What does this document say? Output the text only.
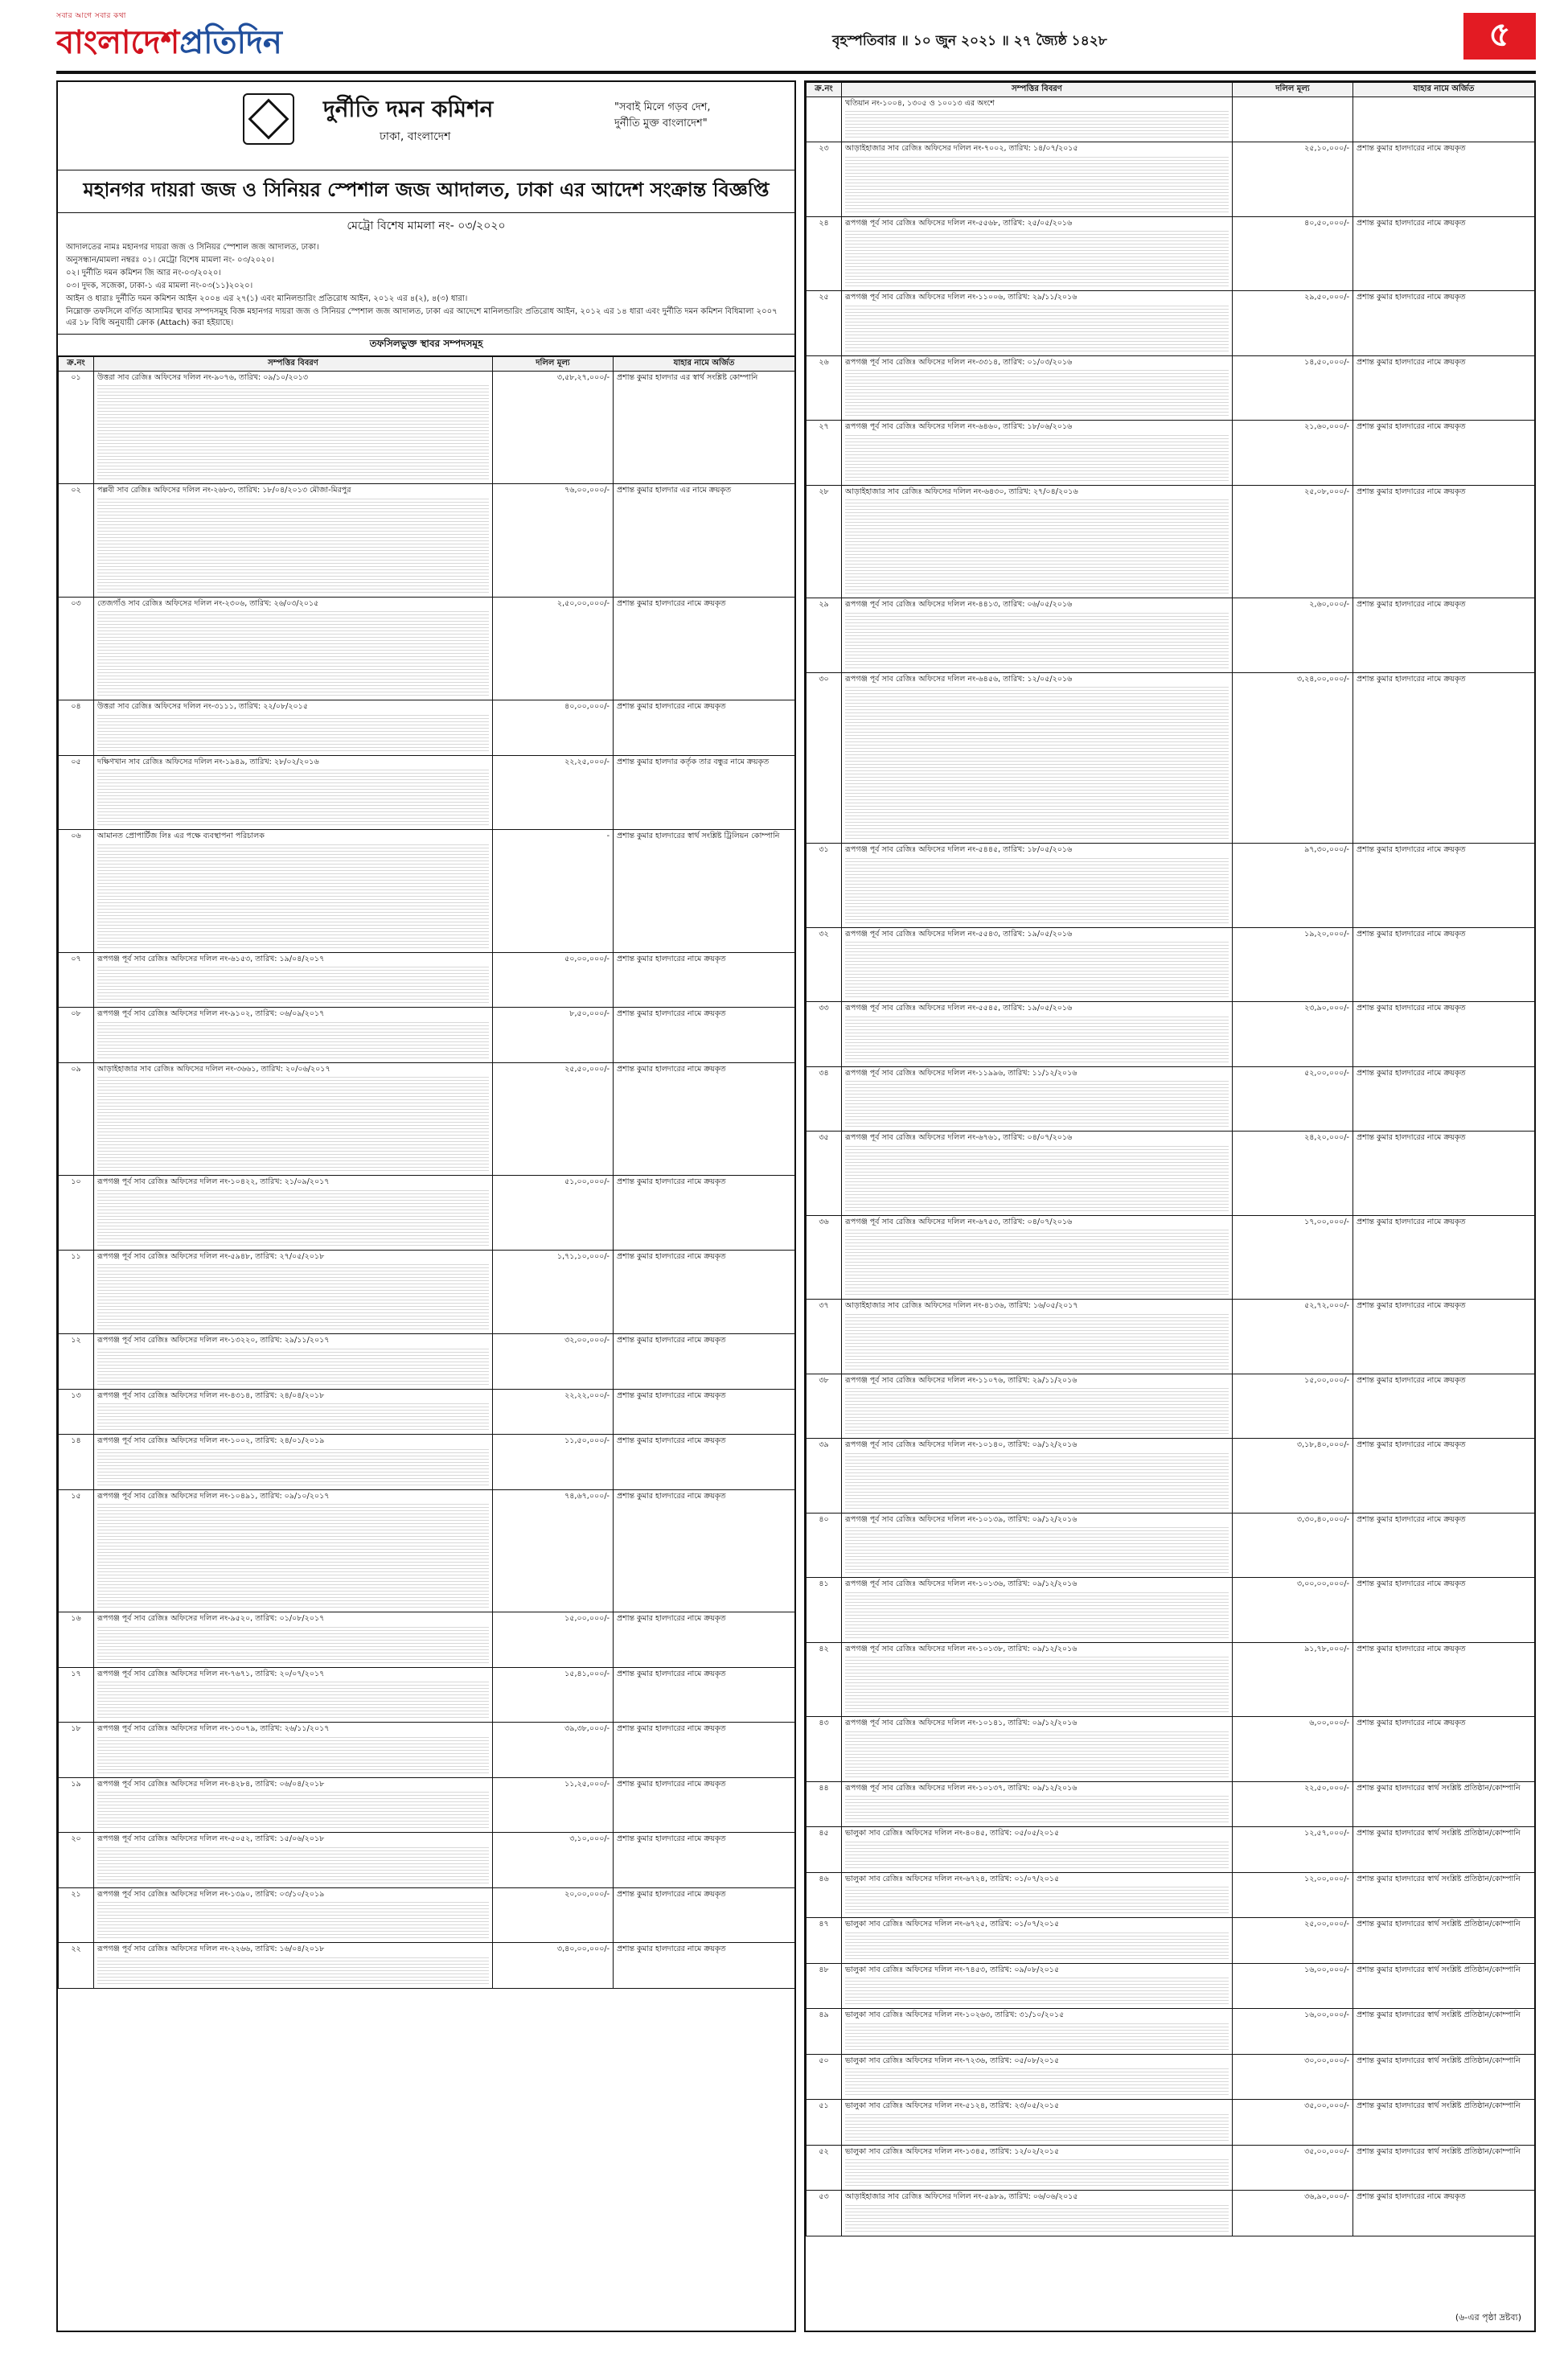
সবার আগে সবার কথা
বাংলাদেশপ্রতিদিন	বৃহস্পতিবার ॥ ১০ জুন ২০২১ ॥ ২৭ জ্যৈষ্ঠ ১৪২৮	৫
দুর্নীতি দমন কমিশন
ঢাকা, বাংলাদেশ
"সবাই মিলে গড়ব দেশ,
দুর্নীতি মুক্ত বাংলাদেশ"
মহানগর দায়রা জজ ও সিনিয়র স্পেশাল জজ আদালত, ঢাকা এর আদেশ সংক্রান্ত বিজ্ঞপ্তি
মেট্রো বিশেষ মামলা নং- ০৩/২০২০

আদালতের নামঃ মহানগর দায়রা জজ ও সিনিয়র স্পেশাল জজ আদালত, ঢাকা।

অনুসন্ধান/মামলা নম্বরঃ ০১। মেট্রো বিশেষ মামলা নং- ০৩/২০২০।

০২। দুর্নীতি দমন কমিশন জি আর নং-০৩/২০২০।

০৩। দুদক, সজেকা, ঢাকা-১ এর মামলা নং-০৩(১১)২০২০।

আইন ও ধারাঃ দুর্নীতি দমন কমিশন আইন ২০০৪ এর ২৭(১) এবং মানিলন্ডারিং প্রতিরোধ আইন, ২০১২ এর ৪(২), ৪(৩) ধারা।

নিম্নোক্ত তফসিলে বর্ণিত আসামির স্থাবর সম্পদসমূহ বিজ্ঞ মহানগর দায়রা জজ ও সিনিয়র স্পেশাল জজ আদালত, ঢাকা এর আদেশে মানিলন্ডারিং প্রতিরোধ আইন, ২০১২ এর ১৪ ধারা এবং দুর্নীতি দমন কমিশন বিধিমালা ২০০৭ এর ১৮ বিধি অনুযায়ী ক্রোক (Attach) করা হইয়াছে।

তফসিলভুক্ত স্থাবর সম্পদসমূহ
ক্র.নং	সম্পত্তির বিবরণ	দলিল মূল্য	যাহার নামে অর্জিত

০১	উত্তরা সাব রেজিঃ অফিসের দলিল নং-৯০৭৬, তারিখ: ০৯/১০/২০১৩	৩,৫৮,২৭,০০০/-	প্রশান্ত কুমার হালদার এর স্বার্থ সংশ্লিষ্ট কোম্পানি

০২	পল্লবী সাব রেজিঃ অফিসের দলিল নং-২৬৮৩, তারিখ: ১৮/০৪/২০১৩ মৌজা-মিরপুর	৭৬,০০,০০০/-	প্রশান্ত কুমার হালদার এর নামে ক্রয়কৃত

০৩	তেজগাঁও সাব রেজিঃ অফিসের দলিল নং-২৩০৬, তারিখ: ২৬/০৩/২০১৫	২,৫০,০০,০০০/-	প্রশান্ত কুমার হালদারের নামে ক্রয়কৃত

০৪	উত্তরা সাব রেজিঃ অফিসের দলিল নং-৩১১১, তারিখ: ২২/০৮/২০১৫	৪০,০০,০০০/-	প্রশান্ত কুমার হালদারের নামে ক্রয়কৃত

০৫	দক্ষিণখান সাব রেজিঃ অফিসের দলিল নং-১৯৪৯, তারিখ: ২৮/০২/২০১৬	২২,২৫,০০০/-	প্রশান্ত কুমার হালদার কর্তৃক তার বন্ধুর নামে ক্রয়কৃত

০৬	আমানত প্রোপার্টিজ লিঃ এর পক্ষে ব্যবস্থাপনা পরিচালক	-	প্রশান্ত কুমার হালদারের স্বার্থ সংশ্লিষ্ট ট্রিলিয়ন কোম্পানি

০৭	রূপগঞ্জ পূর্ব সাব রেজিঃ অফিসের দলিল নং-৬১৫৩, তারিখ: ১৯/০৪/২০১৭	৫০,০০,০০০/-	প্রশান্ত কুমার হালদারের নামে ক্রয়কৃত

০৮	রূপগঞ্জ পূর্ব সাব রেজিঃ অফিসের দলিল নং-৯১০২, তারিখ: ০৬/০৯/২০১৭	৮,৫০,০০০/-	প্রশান্ত কুমার হালদারের নামে ক্রয়কৃত

০৯	আড়াইহাজার সাব রেজিঃ অফিসের দলিল নং-৩৬৬১, তারিখ: ২০/০৬/২০১৭	২৫,৫০,০০০/-	প্রশান্ত কুমার হালদারের নামে ক্রয়কৃত

১০	রূপগঞ্জ পূর্ব সাব রেজিঃ অফিসের দলিল নং-১০৪২২, তারিখ: ২১/০৯/২০১৭	৫১,০০,০০০/-	প্রশান্ত কুমার হালদারের নামে ক্রয়কৃত

১১	রূপগঞ্জ পূর্ব সাব রেজিঃ অফিসের দলিল নং-৫৯৪৮, তারিখ: ২৭/০৫/২০১৮	১,৭১,১০,০০০/-	প্রশান্ত কুমার হালদারের নামে ক্রয়কৃত

১২	রূপগঞ্জ পূর্ব সাব রেজিঃ অফিসের দলিল নং-১৩২২০, তারিখ: ২৯/১১/২০১৭	৩২,০০,০০০/-	প্রশান্ত কুমার হালদারের নামে ক্রয়কৃত

১৩	রূপগঞ্জ পূর্ব সাব রেজিঃ অফিসের দলিল নং-৪৩১৪, তারিখ: ২৪/০৪/২০১৮	২২,২২,০০০/-	প্রশান্ত কুমার হালদারের নামে ক্রয়কৃত

১৪	রূপগঞ্জ পূর্ব সাব রেজিঃ অফিসের দলিল নং-১০০২, তারিখ: ২৪/০১/২০১৯	১১,৫০,০০০/-	প্রশান্ত কুমার হালদারের নামে ক্রয়কৃত

১৫	রূপগঞ্জ পূর্ব সাব রেজিঃ অফিসের দলিল নং-১০৪৯১, তারিখ: ০৯/১০/২০১৭	৭৪,৬৭,০০০/-	প্রশান্ত কুমার হালদারের নামে ক্রয়কৃত

১৬	রূপগঞ্জ পূর্ব সাব রেজিঃ অফিসের দলিল নং-৯৫২০, তারিখ: ০১/০৮/২০১৭	১৫,০০,০০০/-	প্রশান্ত কুমার হালদারের নামে ক্রয়কৃত

১৭	রূপগঞ্জ পূর্ব সাব রেজিঃ অফিসের দলিল নং-৭৬৭১, তারিখ: ২০/০৭/২০১৭	১৫,৪১,০০০/-	প্রশান্ত কুমার হালদারের নামে ক্রয়কৃত

১৮	রূপগঞ্জ পূর্ব সাব রেজিঃ অফিসের দলিল নং-১৩০৭৯, তারিখ: ২৬/১১/২০১৭	৩৯,৩৮,০০০/-	প্রশান্ত কুমার হালদারের নামে ক্রয়কৃত

১৯	রূপগঞ্জ পূর্ব সাব রেজিঃ অফিসের দলিল নং-৪২৮৪, তারিখ: ০৬/০৪/২০১৮	১১,২৫,০০০/-	প্রশান্ত কুমার হালদারের নামে ক্রয়কৃত

২০	রূপগঞ্জ পূর্ব সাব রেজিঃ অফিসের দলিল নং-৫০৫২, তারিখ: ১৫/০৬/২০১৮	৩,১০,০০০/-	প্রশান্ত কুমার হালদারের নামে ক্রয়কৃত

২১	রূপগঞ্জ পূর্ব সাব রেজিঃ অফিসের দলিল নং-১৩৯০, তারিখ: ০৩/১০/২০১৯	২০,০০,০০০/-	প্রশান্ত কুমার হালদারের নামে ক্রয়কৃত

২২	রূপগঞ্জ পূর্ব সাব রেজিঃ অফিসের দলিল নং-২২৬৬, তারিখ: ১৬/০৪/২০১৮	৩,৪০,০০,০০০/-	প্রশান্ত কুমার হালদারের নামে ক্রয়কৃত
ক্র.নং	সম্পত্তির বিবরণ	দলিল মূল্য	যাহার নামে অর্জিত

	খতিয়ান নং-১০০৪, ১৩০৫ ও ১০০১৩ এর অংশে		

২৩	আড়াইহাজার সাব রেজিঃ অফিসের দলিল নং-৭০০২, তারিখ: ১৪/০৭/২০১৫	২৫,১০,০০০/-	প্রশান্ত কুমার হালদারের নামে ক্রয়কৃত

২৪	রূপগঞ্জ পূর্ব সাব রেজিঃ অফিসের দলিল নং-৫৫৬৮, তারিখ: ২৫/০৫/২০১৬	৪০,৫০,০০০/-	প্রশান্ত কুমার হালদারের নামে ক্রয়কৃত

২৫	রূপগঞ্জ পূর্ব সাব রেজিঃ অফিসের দলিল নং-১১০০৬, তারিখ: ২৯/১১/২০১৬	২৯,৫০,০০০/-	প্রশান্ত কুমার হালদারের নামে ক্রয়কৃত

২৬	রূপগঞ্জ পূর্ব সাব রেজিঃ অফিসের দলিল নং-৩৩১৪, তারিখ: ০১/০৩/২০১৬	১৪,৫০,০০০/-	প্রশান্ত কুমার হালদারের নামে ক্রয়কৃত

২৭	রূপগঞ্জ পূর্ব সাব রেজিঃ অফিসের দলিল নং-৬৪৬০, তারিখ: ১৮/০৬/২০১৬	২১,৬০,০০০/-	প্রশান্ত কুমার হালদারের নামে ক্রয়কৃত

২৮	আড়াইহাজার সাব রেজিঃ অফিসের দলিল নং-৬৪৩০, তারিখ: ২৭/০৪/২০১৬	২৫,০৮,০০০/-	প্রশান্ত কুমার হালদারের নামে ক্রয়কৃত

২৯	রূপগঞ্জ পূর্ব সাব রেজিঃ অফিসের দলিল নং-৪৪১৩, তারিখ: ০৬/০৫/২০১৬	২,৬০,০০০/-	প্রশান্ত কুমার হালদারের নামে ক্রয়কৃত

৩০	রূপগঞ্জ পূর্ব সাব রেজিঃ অফিসের দলিল নং-৬৪৫৬, তারিখ: ১২/০৫/২০১৬	৩,২৪,০০,০০০/-	প্রশান্ত কুমার হালদারের নামে ক্রয়কৃত

৩১	রূপগঞ্জ পূর্ব সাব রেজিঃ অফিসের দলিল নং-৫৪৪৫, তারিখ: ১৮/০৫/২০১৬	৯৭,৩০,০০০/-	প্রশান্ত কুমার হালদারের নামে ক্রয়কৃত

৩২	রূপগঞ্জ পূর্ব সাব রেজিঃ অফিসের দলিল নং-৫৫৪৩, তারিখ: ১৯/০৫/২০১৬	১৯,২০,০০০/-	প্রশান্ত কুমার হালদারের নামে ক্রয়কৃত

৩৩	রূপগঞ্জ পূর্ব সাব রেজিঃ অফিসের দলিল নং-৫৫৪৫, তারিখ: ১৯/০৫/২০১৬	২৩,৯০,০০০/-	প্রশান্ত কুমার হালদারের নামে ক্রয়কৃত

৩৪	রূপগঞ্জ পূর্ব সাব রেজিঃ অফিসের দলিল নং-১১৯৯৬, তারিখ: ১১/১২/২০১৬	৫২,০০,০০০/-	প্রশান্ত কুমার হালদারের নামে ক্রয়কৃত

৩৫	রূপগঞ্জ পূর্ব সাব রেজিঃ অফিসের দলিল নং-৬৭৬১, তারিখ: ০৪/০৭/২০১৬	২৪,২০,০০০/-	প্রশান্ত কুমার হালদারের নামে ক্রয়কৃত

৩৬	রূপগঞ্জ পূর্ব সাব রেজিঃ অফিসের দলিল নং-৬৭৫৩, তারিখ: ০৪/০৭/২০১৬	১৭,০০,০০০/-	প্রশান্ত কুমার হালদারের নামে ক্রয়কৃত

৩৭	আড়াইহাজার সাব রেজিঃ অফিসের দলিল নং-৪১৩৬, তারিখ: ১৬/০৫/২০১৭	৫২,৭২,০০০/-	প্রশান্ত কুমার হালদারের নামে ক্রয়কৃত

৩৮	রূপগঞ্জ পূর্ব সাব রেজিঃ অফিসের দলিল নং-১১০৭৬, তারিখ: ২৯/১১/২০১৬	১৫,০০,০০০/-	প্রশান্ত কুমার হালদারের নামে ক্রয়কৃত

৩৯	রূপগঞ্জ পূর্ব সাব রেজিঃ অফিসের দলিল নং-১০১৪০, তারিখ: ০৯/১২/২০১৬	৩,১৮,৪০,০০০/-	প্রশান্ত কুমার হালদারের নামে ক্রয়কৃত

৪০	রূপগঞ্জ পূর্ব সাব রেজিঃ অফিসের দলিল নং-১০১৩৯, তারিখ: ০৯/১২/২০১৬	৩,৩০,৪০,০০০/-	প্রশান্ত কুমার হালদারের নামে ক্রয়কৃত

৪১	রূপগঞ্জ পূর্ব সাব রেজিঃ অফিসের দলিল নং-১০১৩৬, তারিখ: ০৯/১২/২০১৬	৩,০০,০০,০০০/-	প্রশান্ত কুমার হালদারের নামে ক্রয়কৃত

৪২	রূপগঞ্জ পূর্ব সাব রেজিঃ অফিসের দলিল নং-১০১৩৮, তারিখ: ০৯/১২/২০১৬	৯১,৭৮,০০০/-	প্রশান্ত কুমার হালদারের নামে ক্রয়কৃত

৪৩	রূপগঞ্জ পূর্ব সাব রেজিঃ অফিসের দলিল নং-১০১৪১, তারিখ: ০৯/১২/২০১৬	৬,০০,০০০/-	প্রশান্ত কুমার হালদারের নামে ক্রয়কৃত

৪৪	রূপগঞ্জ পূর্ব সাব রেজিঃ অফিসের দলিল নং-১০১৩৭, তারিখ: ০৯/১২/২০১৬	২২,৫০,০০০/-	প্রশান্ত কুমার হালদারের স্বার্থ সংশ্লিষ্ট প্রতিষ্ঠান/কোম্পানি

৪৫	ভালুকা সাব রেজিঃ অফিসের দলিল নং-৪০৪৫, তারিখ: ০৫/০৫/২০১৫	১২,৫৭,০০০/-	প্রশান্ত কুমার হালদারের স্বার্থ সংশ্লিষ্ট প্রতিষ্ঠান/কোম্পানি

৪৬	ভালুকা সাব রেজিঃ অফিসের দলিল নং-৬৭২৪, তারিখ: ০১/০৭/২০১৫	১২,০০,০০০/-	প্রশান্ত কুমার হালদারের স্বার্থ সংশ্লিষ্ট প্রতিষ্ঠান/কোম্পানি

৪৭	ভালুকা সাব রেজিঃ অফিসের দলিল নং-৬৭২৫, তারিখ: ০১/০৭/২০১৫	২৫,০০,০০০/-	প্রশান্ত কুমার হালদারের স্বার্থ সংশ্লিষ্ট প্রতিষ্ঠান/কোম্পানি

৪৮	ভালুকা সাব রেজিঃ অফিসের দলিল নং-৭৪৫৩, তারিখ: ০৯/০৮/২০১৫	১৬,০০,০০০/-	প্রশান্ত কুমার হালদারের স্বার্থ সংশ্লিষ্ট প্রতিষ্ঠান/কোম্পানি

৪৯	ভালুকা সাব রেজিঃ অফিসের দলিল নং-১০২৬৩, তারিখ: ৩১/১০/২০১৫	১৬,০০,০০০/-	প্রশান্ত কুমার হালদারের স্বার্থ সংশ্লিষ্ট প্রতিষ্ঠান/কোম্পানি

৫০	ভালুকা সাব রেজিঃ অফিসের দলিল নং-৭২৩৬, তারিখ: ০৫/০৮/২০১৫	৩০,০০,০০০/-	প্রশান্ত কুমার হালদারের স্বার্থ সংশ্লিষ্ট প্রতিষ্ঠান/কোম্পানি

৫১	ভালুকা সাব রেজিঃ অফিসের দলিল নং-৫১২৪, তারিখ: ২৩/০৫/২০১৫	৩৫,০০,০০০/-	প্রশান্ত কুমার হালদারের স্বার্থ সংশ্লিষ্ট প্রতিষ্ঠান/কোম্পানি

৫২	ভালুকা সাব রেজিঃ অফিসের দলিল নং-১৩৪৫, তারিখ: ১২/০২/২০১৫	৩৫,০০,০০০/-	প্রশান্ত কুমার হালদারের স্বার্থ সংশ্লিষ্ট প্রতিষ্ঠান/কোম্পানি

৫৩	আড়াইহাজার সাব রেজিঃ অফিসের দলিল নং-৫৯৮৯, তারিখ: ০৬/০৬/২০১৫	৩৬,৯০,০০০/-	প্রশান্ত কুমার হালদারের নামে ক্রয়কৃত
(৬-এর পৃষ্ঠা দ্রষ্টব্য)
